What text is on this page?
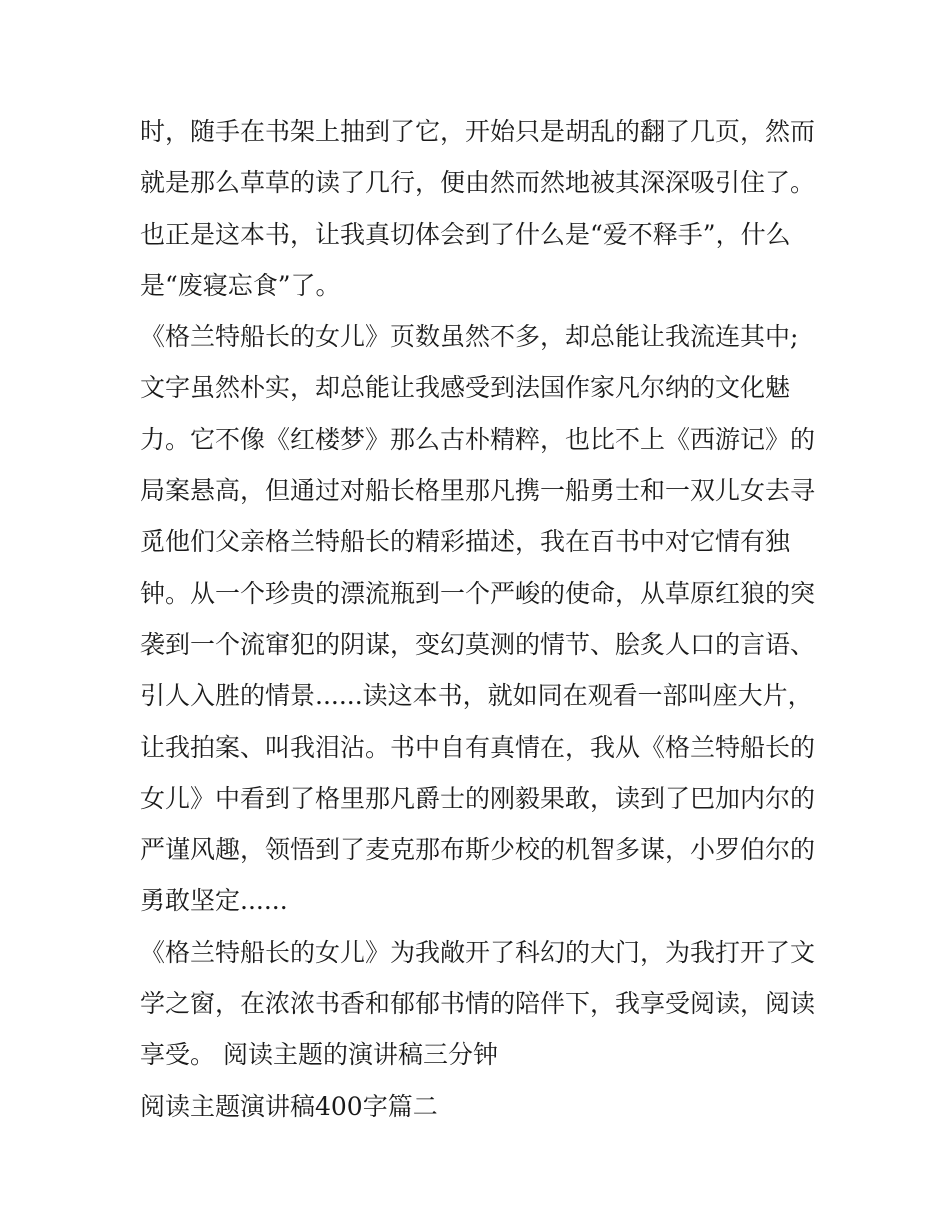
时，随手在书架上抽到了它，开始只是胡乱的翻了几页，然而
就是那么草草的读了几行，便由然而然地被其深深吸引住了。
也正是这本书，让我真切体会到了什么是“爱不释手”，什么
是“废寝忘食”了。
《格兰特船长的女儿》页数虽然不多，却总能让我流连其中;
文字虽然朴实，却总能让我感受到法国作家凡尔纳的文化魅
力。它不像《红楼梦》那么古朴精粹，也比不上《西游记》的
局案悬高，但通过对船长格里那凡携一船勇士和一双儿女去寻
觅他们父亲格兰特船长的精彩描述，我在百书中对它情有独
钟。从一个珍贵的漂流瓶到一个严峻的使命，从草原红狼的突
袭到一个流窜犯的阴谋，变幻莫测的情节、脍炙人口的言语、
引人入胜的情景......读这本书，就如同在观看一部叫座大片，
让我拍案、叫我泪沾。书中自有真情在，我从《格兰特船长的
女儿》中看到了格里那凡爵士的刚毅果敢，读到了巴加内尔的
严谨风趣，领悟到了麦克那布斯少校的机智多谋，小罗伯尔的
勇敢坚定......
《格兰特船长的女儿》为我敞开了科幻的大门，为我打开了文
学之窗，在浓浓书香和郁郁书情的陪伴下，我享受阅读，阅读
享受。 阅读主题的演讲稿三分钟
阅读主题演讲稿400字篇二
